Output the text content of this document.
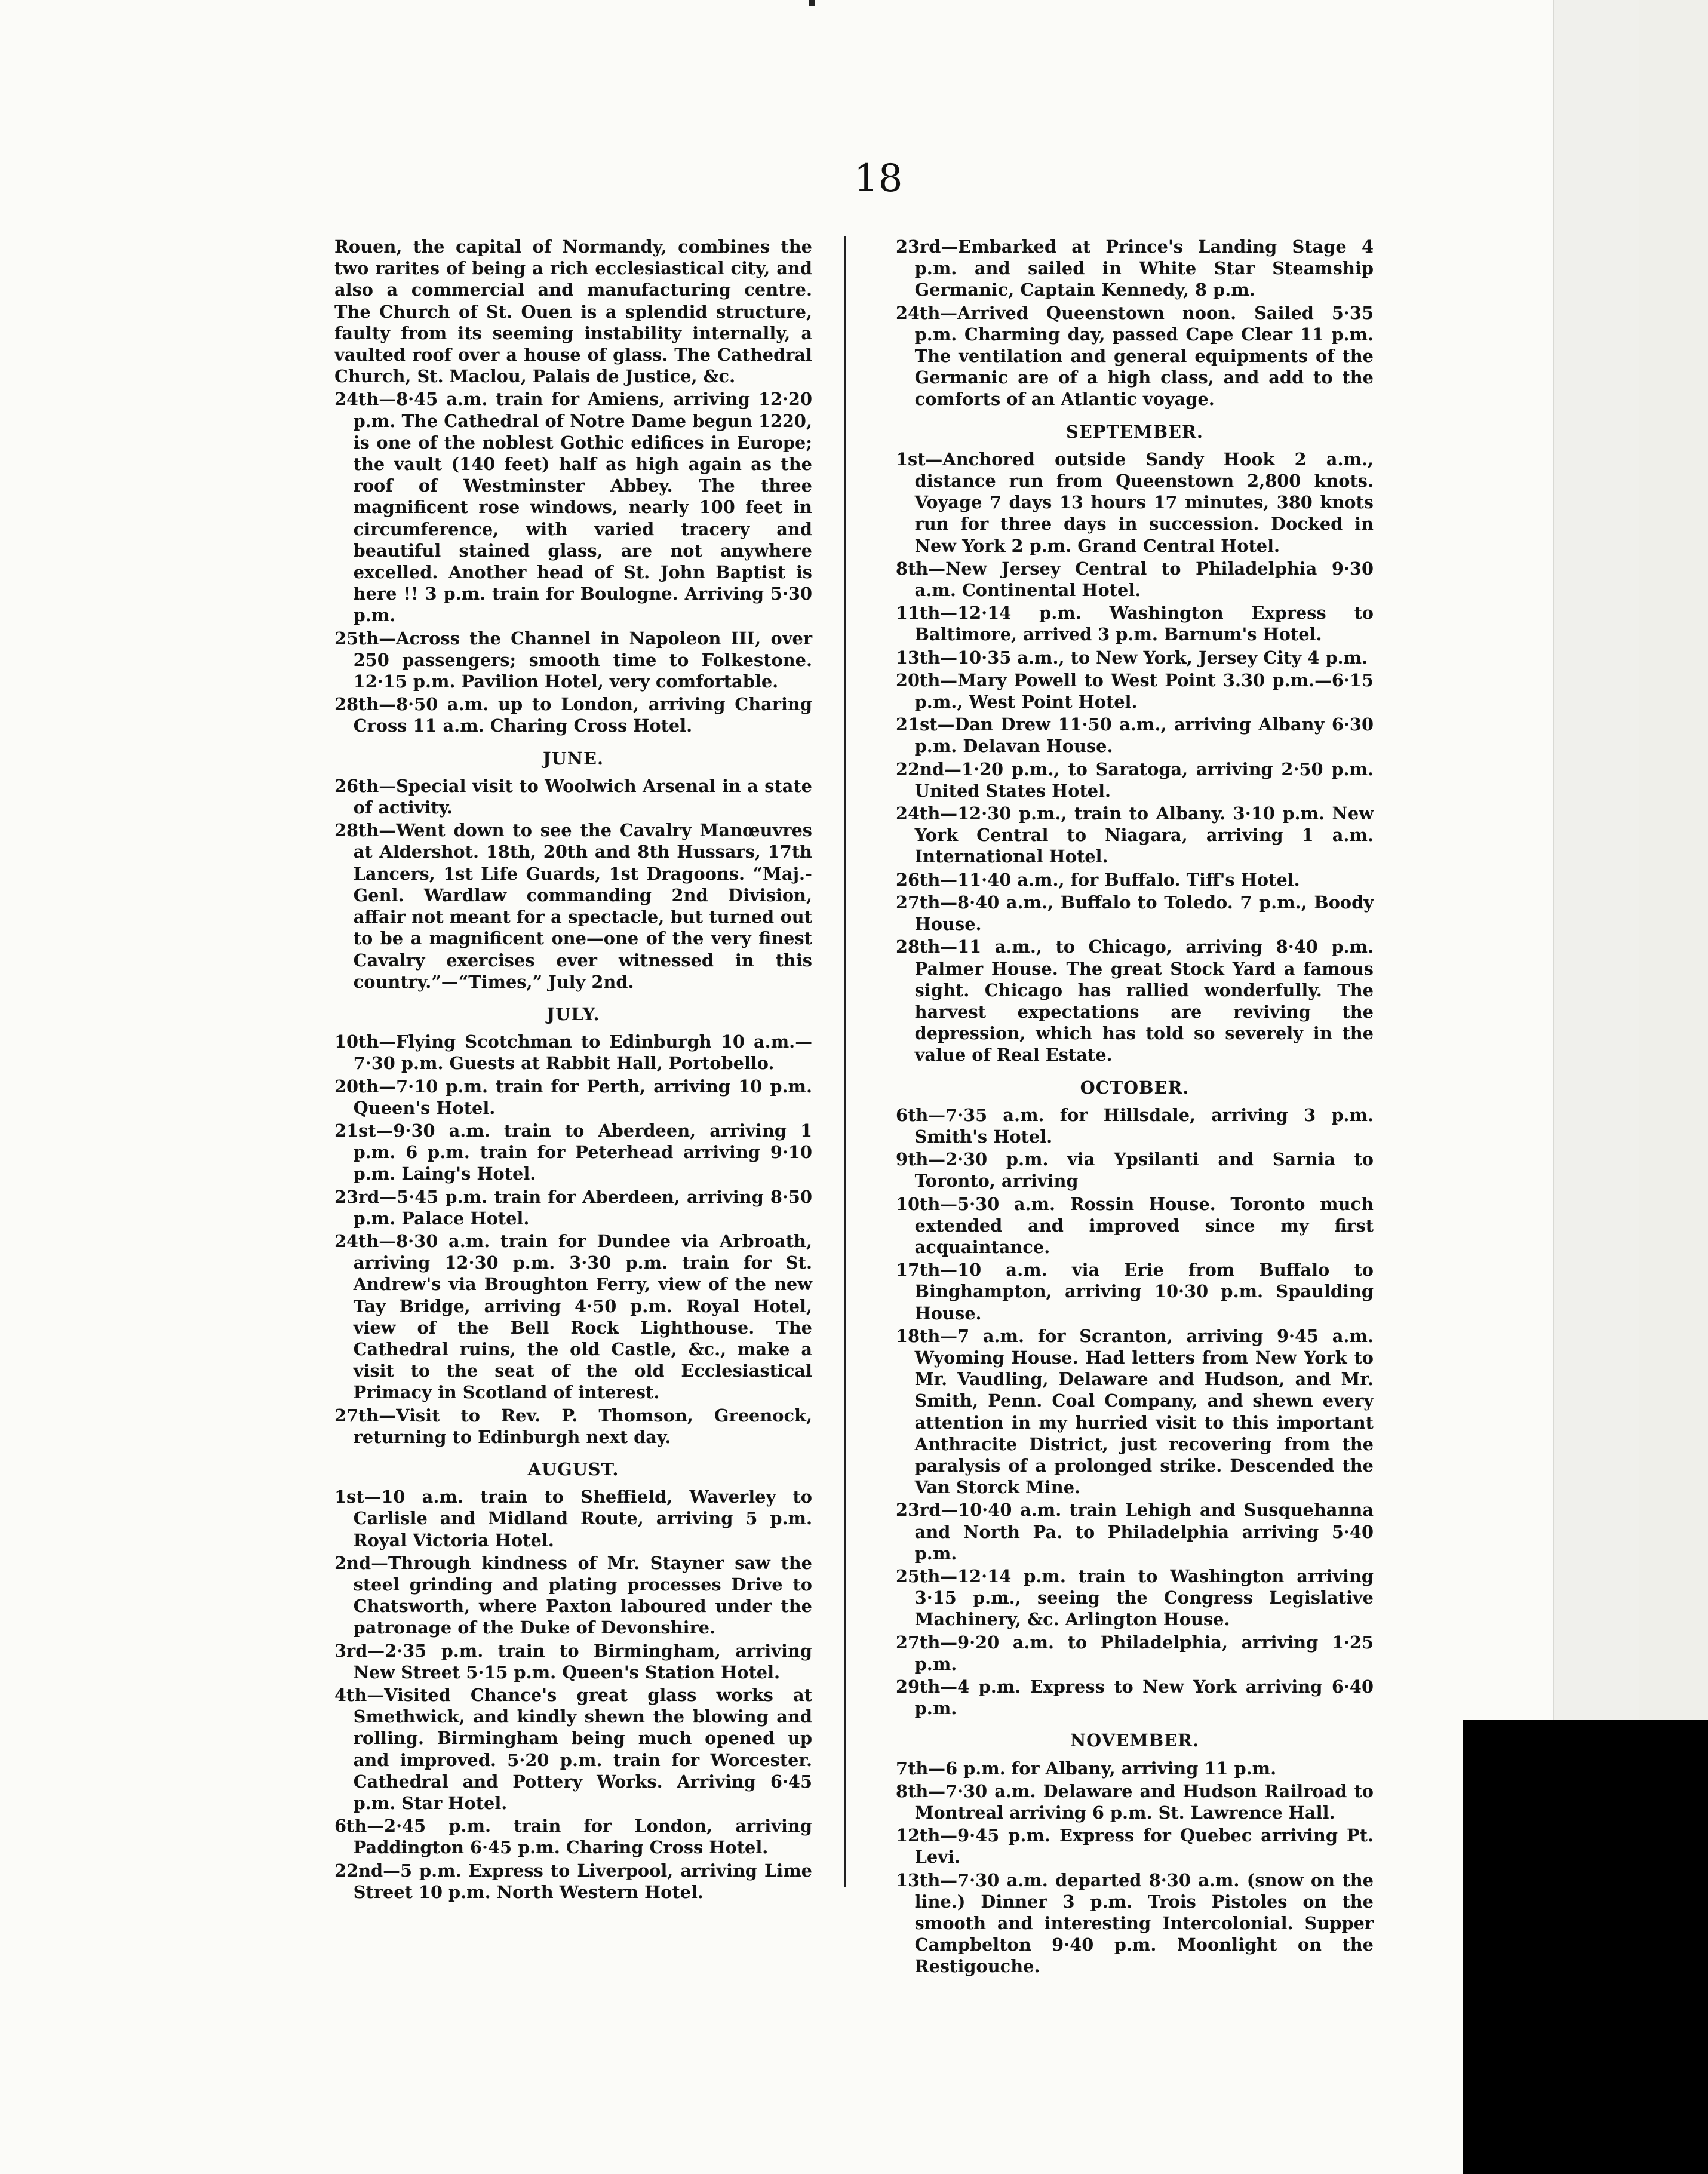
18
Rouen, the capital of Normandy, combines the two rarites of being a rich ecclesiastical city, and also a commercial and manufacturing centre. The Church of St. Ouen is a splendid structure, faulty from its seeming instability internally, a vaulted roof over a house of glass. The Cathedral Church, St. Maclou, Palais de Justice, &c.
24th—8·45 a.m. train for Amiens, arriving 12·20 p.m. The Cathedral of Notre Dame begun 1220, is one of the noblest Gothic edifices in Europe; the vault (140 feet) half as high again as the roof of Westminster Abbey. The three magnificent rose windows, nearly 100 feet in circumference, with varied tracery and beautiful stained glass, are not anywhere excelled. Another head of St. John Baptist is here !! 3 p.m. train for Boulogne. Arriving 5·30 p.m.
25th—Across the Channel in Napoleon III, over 250 passengers; smooth time to Folkestone. 12·15 p.m. Pavilion Hotel, very comfortable.
28th—8·50 a.m. up to London, arriving Charing Cross 11 a.m. Charing Cross Hotel.
JUNE.
26th—Special visit to Woolwich Arsenal in a state of activity.
28th—Went down to see the Cavalry Manœuvres at Aldershot. 18th, 20th and 8th Hussars, 17th Lancers, 1st Life Guards, 1st Dragoons. “Maj.-Genl. Wardlaw commanding 2nd Division, affair not meant for a spectacle, but turned out to be a magnificent one—one of the very finest Cavalry exercises ever witnessed in this country.”—“Times,” July 2nd.
JULY.
10th—Flying Scotchman to Edinburgh 10 a.m.—7·30 p.m. Guests at Rabbit Hall, Portobello.
20th—7·10 p.m. train for Perth, arriving 10 p.m. Queen's Hotel.
21st—9·30 a.m. train to Aberdeen, arriving 1 p.m. 6 p.m. train for Peterhead arriving 9·10 p.m. Laing's Hotel.
23rd—5·45 p.m. train for Aberdeen, arriving 8·50 p.m. Palace Hotel.
24th—8·30 a.m. train for Dundee via Arbroath, arriving 12·30 p.m. 3·30 p.m. train for St. Andrew's via Broughton Ferry, view of the new Tay Bridge, arriving 4·50 p.m. Royal Hotel, view of the Bell Rock Lighthouse. The Cathedral ruins, the old Castle, &c., make a visit to the seat of the old Ecclesiastical Primacy in Scotland of interest.
27th—Visit to Rev. P. Thomson, Greenock, returning to Edinburgh next day.
AUGUST.
1st—10 a.m. train to Sheffield, Waverley to Carlisle and Midland Route, arriving 5 p.m. Royal Victoria Hotel.
2nd—Through kindness of Mr. Stayner saw the steel grinding and plating processes Drive to Chatsworth, where Paxton laboured under the patronage of the Duke of Devonshire.
3rd—2·35 p.m. train to Birmingham, arriving New Street 5·15 p.m. Queen's Station Hotel.
4th—Visited Chance's great glass works at Smethwick, and kindly shewn the blowing and rolling. Birmingham being much opened up and improved. 5·20 p.m. train for Worcester. Cathedral and Pottery Works. Arriving 6·45 p.m. Star Hotel.
6th—2·45 p.m. train for London, arriving Paddington 6·45 p.m. Charing Cross Hotel.
22nd—5 p.m. Express to Liverpool, arriving Lime Street 10 p.m. North Western Hotel.
23rd—Embarked at Prince's Landing Stage 4 p.m. and sailed in White Star Steamship Germanic, Captain Kennedy, 8 p.m.
24th—Arrived Queenstown noon. Sailed 5·35 p.m. Charming day, passed Cape Clear 11 p.m. The ventilation and general equipments of the Germanic are of a high class, and add to the comforts of an Atlantic voyage.
SEPTEMBER.
1st—Anchored outside Sandy Hook 2 a.m., distance run from Queenstown 2,800 knots. Voyage 7 days 13 hours 17 minutes, 380 knots run for three days in succession. Docked in New York 2 p.m. Grand Central Hotel.
8th—New Jersey Central to Philadelphia 9·30 a.m. Continental Hotel.
11th—12·14 p.m. Washington Express to Baltimore, arrived 3 p.m. Barnum's Hotel.
13th—10·35 a.m., to New York, Jersey City 4 p.m.
20th—Mary Powell to West Point 3.30 p.m.—6·15 p.m., West Point Hotel.
21st—Dan Drew 11·50 a.m., arriving Albany 6·30 p.m. Delavan House.
22nd—1·20 p.m., to Saratoga, arriving 2·50 p.m. United States Hotel.
24th—12·30 p.m., train to Albany. 3·10 p.m. New York Central to Niagara, arriving 1 a.m. International Hotel.
26th—11·40 a.m., for Buffalo. Tiff's Hotel.
27th—8·40 a.m., Buffalo to Toledo. 7 p.m., Boody House.
28th—11 a.m., to Chicago, arriving 8·40 p.m. Palmer House. The great Stock Yard a famous sight. Chicago has rallied wonderfully. The harvest expectations are reviving the depression, which has told so severely in the value of Real Estate.
OCTOBER.
6th—7·35 a.m. for Hillsdale, arriving 3 p.m. Smith's Hotel.
9th—2·30 p.m. via Ypsilanti and Sarnia to Toronto, arriving
10th—5·30 a.m. Rossin House. Toronto much extended and improved since my first acquaintance.
17th—10 a.m. via Erie from Buffalo to Binghampton, arriving 10·30 p.m. Spaulding House.
18th—7 a.m. for Scranton, arriving 9·45 a.m. Wyoming House. Had letters from New York to Mr. Vaudling, Delaware and Hudson, and Mr. Smith, Penn. Coal Company, and shewn every attention in my hurried visit to this important Anthracite District, just recovering from the paralysis of a prolonged strike. Descended the Van Storck Mine.
23rd—10·40 a.m. train Lehigh and Susquehanna and North Pa. to Philadelphia arriving 5·40 p.m.
25th—12·14 p.m. train to Washington arriving 3·15 p.m., seeing the Congress Legislative Machinery, &c. Arlington House.
27th—9·20 a.m. to Philadelphia, arriving 1·25 p.m.
29th—4 p.m. Express to New York arriving 6·40 p.m.
NOVEMBER.
7th—6 p.m. for Albany, arriving 11 p.m.
8th—7·30 a.m. Delaware and Hudson Railroad to Montreal arriving 6 p.m. St. Lawrence Hall.
12th—9·45 p.m. Express for Quebec arriving Pt. Levi.
13th—7·30 a.m. departed 8·30 a.m. (snow on the line.) Dinner 3 p.m. Trois Pistoles on the smooth and interesting Intercolonial. Supper Campbelton 9·40 p.m. Moonlight on the Restigouche.
